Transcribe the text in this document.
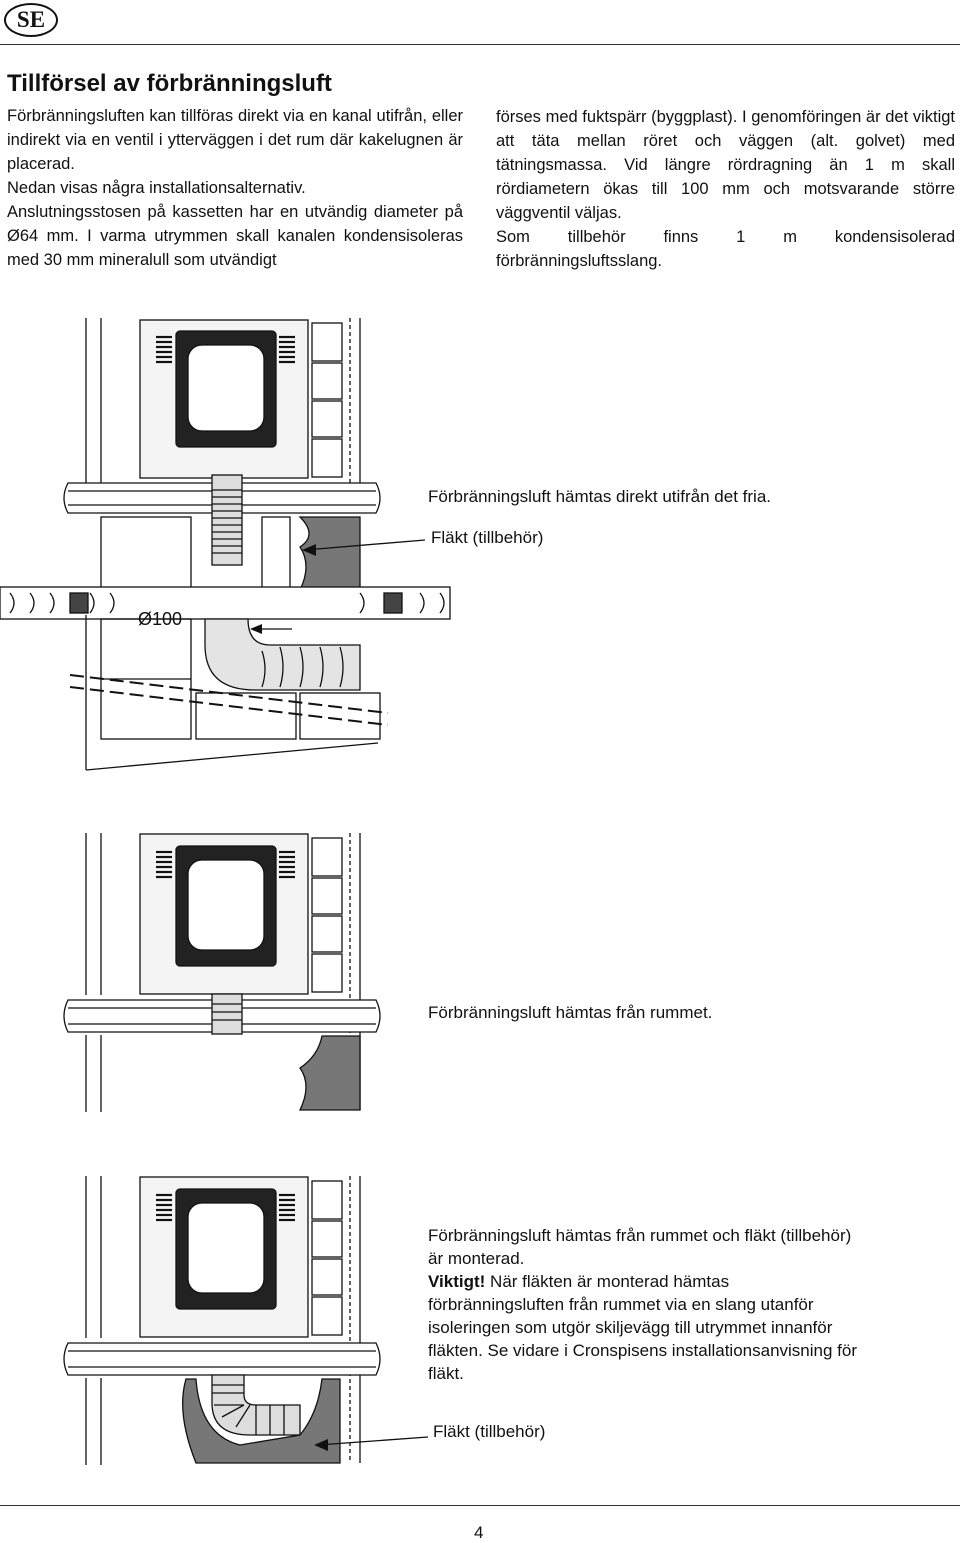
SE
Tillförsel av förbränningsluft

Förbränningsluften kan tillföras direkt via en kanal utifrån, eller indirekt via en ventil i ytterväggen i det rum där kakelugnen är placerad.

Nedan visas några installationsalternativ.

Anslutningsstosen på kassetten har en utvändig diameter på Ø64 mm. I varma utrymmen skall kanalen kondensisoleras med 30 mm mineralull som utvändigt

förses med fuktspärr (byggplast). I genomföringen är det viktigt att täta mellan röret och väggen (alt. golvet) med tätningsmassa. Vid längre rördragning än 1 m skall rördiametern ökas till 100 mm och motsvarande större väggventil väljas.

Som tillbehör finns 1 m kondensisolerad förbränningsluftsslang.

Ø100
Förbränningsluft hämtas direkt utifrån det fria.
Fläkt (tillbehör)
Förbränningsluft hämtas från rummet.
Förbränningsluft hämtas från rummet och fläkt (tillbehör) är monterad.
Viktigt! När fläkten är monterad hämtas förbränningsluften från rummet via en slang utanför isoleringen som utgör skiljevägg till utrymmet innanför fläkten. Se vidare i Cronspisens installationsanvisning för fläkt.
Fläkt (tillbehör)
4
